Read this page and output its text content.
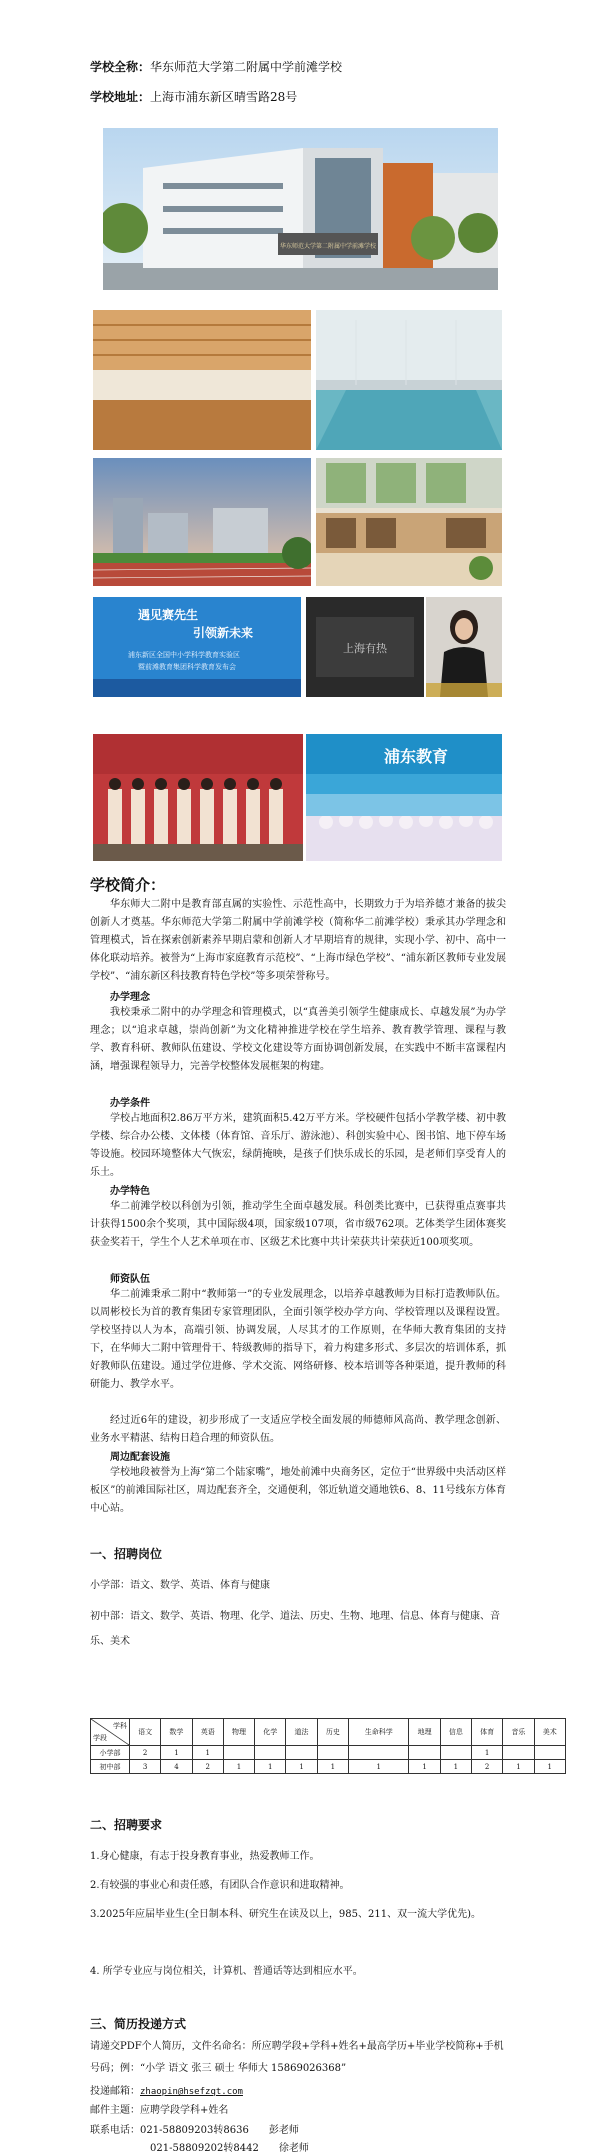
学校全称：华东师范大学第二附属中学前滩学校
学校地址：上海市浦东新区晴雪路28号
华东师范大学第二附属中学前滩学校
遇见赛先生
引领新未来
浦东新区全国中小学科学教育实验区
暨前滩教育集团科学教育发布会
上海有热
浦东教育
学校简介：
华东师大二附中是教育部直属的实验性、示范性高中，长期致力于为培养德才兼备的拔尖创新人才奠基。华东师范大学第二附属中学前滩学校（简称华二前滩学校）秉承其办学理念和管理模式，旨在探索创新素养早期启蒙和创新人才早期培育的规律，实现小学、初中、高中一体化联动培养。被誉为“上海市家庭教育示范校”、“上海市绿色学校”、“浦东新区教师专业发展学校”、“浦东新区科技教育特色学校”等多项荣誉称号。
办学理念
我校秉承二附中的办学理念和管理模式，以“真善美引领学生健康成长、卓越发展”为办学理念；以“追求卓越，崇尚创新”为文化精神推进学校在学生培养、教育教学管理、课程与教学、教育科研、教师队伍建设、学校文化建设等方面协调创新发展，在实践中不断丰富课程内涵，增强课程领导力，完善学校整体发展框架的构建。
办学条件
学校占地面积2.86万平方米，建筑面积5.42万平方米。学校硬件包括小学教学楼、初中教学楼、综合办公楼、文体楼（体育馆、音乐厅、游泳池）、科创实验中心、图书馆、地下停车场等设施。校园环境整体大气恢宏，绿荫掩映，是孩子们快乐成长的乐园，是老师们享受育人的乐土。
办学特色
华二前滩学校以科创为引领，推动学生全面卓越发展。科创类比赛中，已获得重点赛事共计获得1500余个奖项，其中国际级4项，国家级107项，省市级762项。艺体类学生团体赛奖获金奖若干，学生个人艺术单项在市、区级艺术比赛中共计荣获共计荣获近100项奖项。
师资队伍
华二前滩秉承二附中“教师第一”的专业发展理念，以培养卓越教师为目标打造教师队伍。以周彬校长为首的教育集团专家管理团队，全面引领学校办学方向、学校管理以及课程设置。学校坚持以人为本，高端引领、协调发展，人尽其才的工作原则，在华师大教育集团的支持下，在华师大二附中管理骨干、特级教师的指导下，着力构建多形式、多层次的培训体系，抓好教师队伍建设。通过学位进修、学术交流、网络研修、校本培训等各种渠道，提升教师的科研能力、教学水平。
经过近6年的建设，初步形成了一支适应学校全面发展的师德师风高尚、教学理念创新、业务水平精湛、结构日趋合理的师资队伍。
周边配套设施
学校地段被誉为上海“第二个陆家嘴”，地处前滩中央商务区，定位于“世界级中央活动区样板区”的前滩国际社区，周边配套齐全，交通便利，邻近轨道交通地铁6、8、11号线东方体育中心站。
一、招聘岗位
小学部：语文、数学、英语、体育与健康
初中部：语文、数学、英语、物理、化学、道法、历史、生物、地理、信息、体育与健康、音乐、美术
学科
学段	语文	数学	英语	物理	化学	道法	历史	生命科学	地理	信息	体育	音乐	美术
小学部	2	1	1								1		
初中部	3	4	2	1	1	1	1	1	1	1	2	1	1
二、招聘要求
1.身心健康，有志于投身教育事业，热爱教师工作。
2.有较强的事业心和责任感，有团队合作意识和进取精神。
3.2025年应届毕业生(全日制本科、研究生在读及以上，985、211、双一流大学优先)。
4. 所学专业应与岗位相关，计算机、普通话等达到相应水平。
三、简历投递方式
请递交PDF个人简历，文件名命名：所应聘学段+学科+姓名+最高学历+毕业学校简称+手机号码；例：“小学 语文 张三 硕士 华师大 15869026368”
投递邮箱：zhaopin@hsefzqt.com
邮件主题：应聘学段学科+姓名
联系电话：021-58809203转8636　　彭老师
021-58809202转8442　　徐老师
